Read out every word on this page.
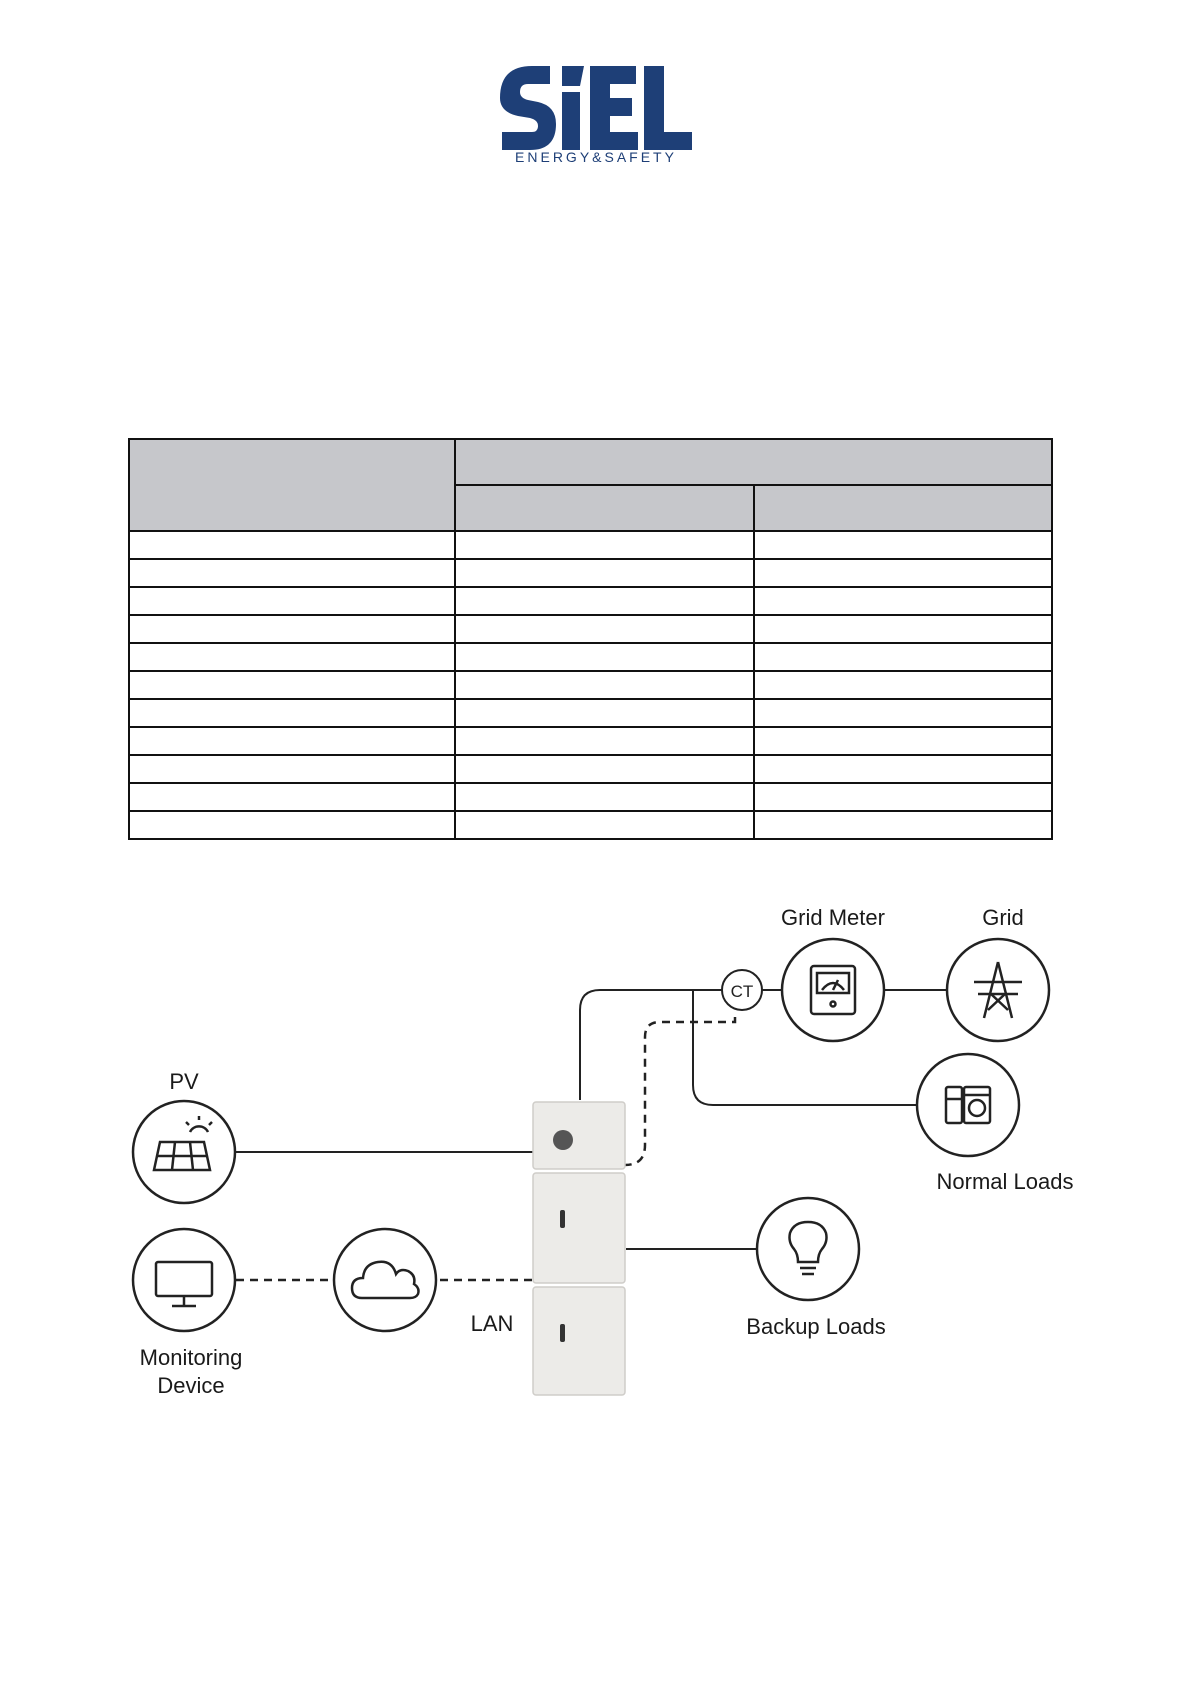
ENERGY&SAFETY

CT
Grid Meter	Grid
Normal Loads
PV
Monitoring
Device
LAN	Backup Loads
